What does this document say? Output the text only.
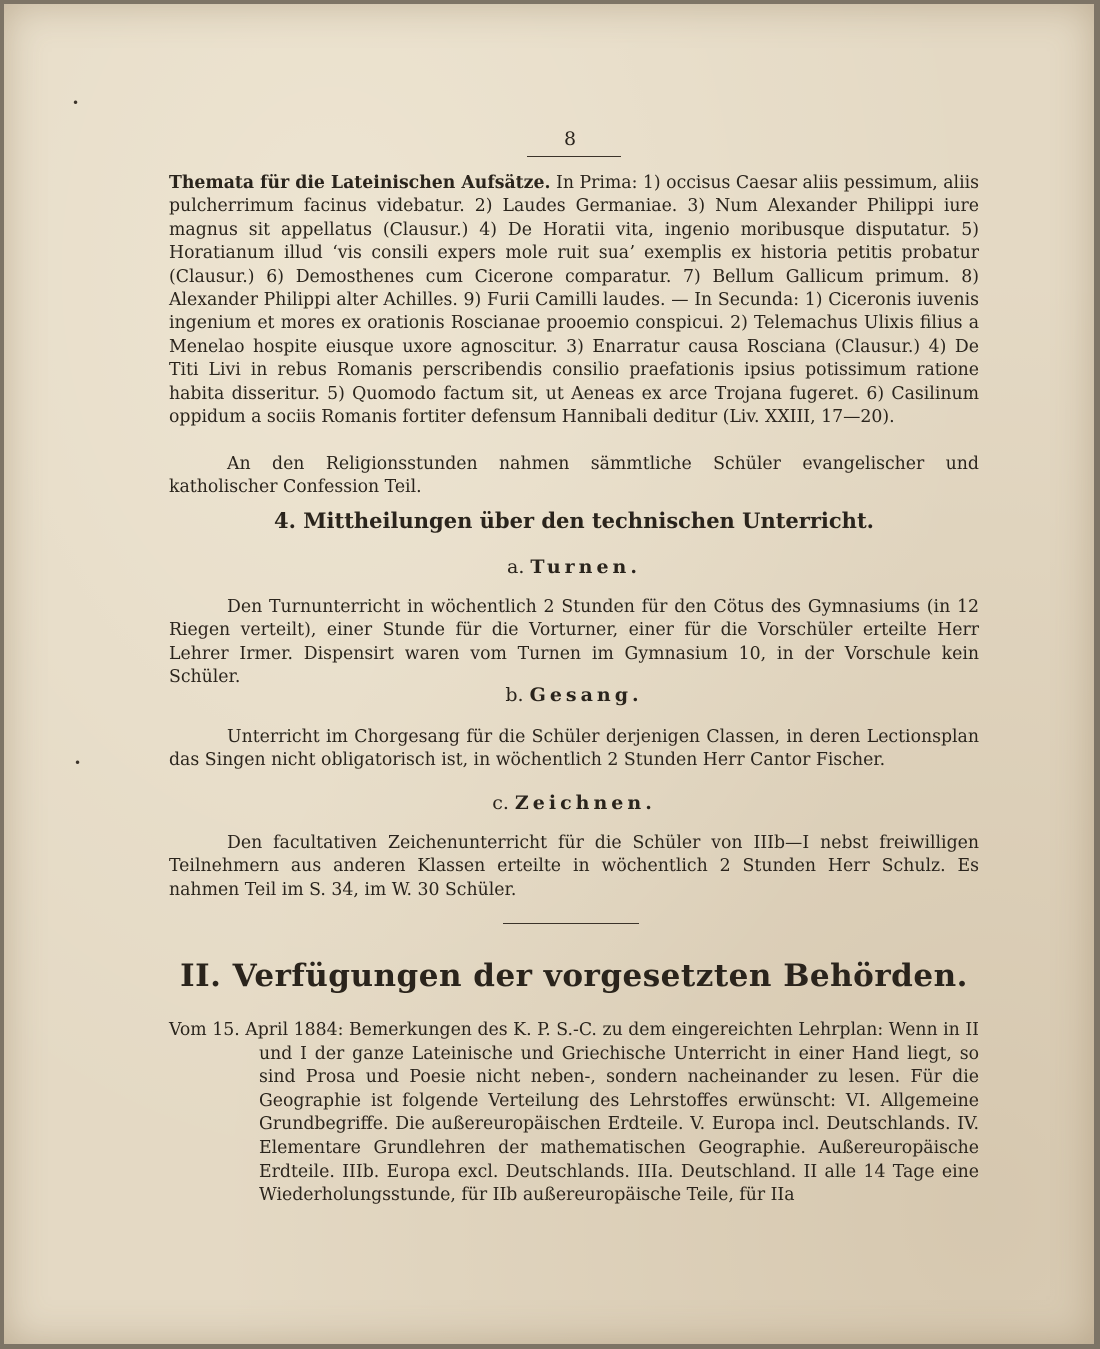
•
•
8

Themata für die Lateinischen Aufsätze. In Prima: 1) occisus Caesar aliis pessimum, aliis pulcherrimum facinus videbatur. 2) Laudes Germaniae. 3) Num Alexander Philippi iure magnus sit appellatus (Clausur.) 4) De Horatii vita, ingenio moribusque disputatur. 5) Horatianum illud ʻvis consili expers mole ruit suaʼ exemplis ex historia petitis probatur (Clausur.) 6) Demosthenes cum Cicerone comparatur. 7) Bellum Gallicum primum. 8) Alexander Philippi alter Achilles. 9) Furii Camilli laudes. — In Secunda: 1) Ciceronis iuvenis ingenium et mores ex orationis Roscianae prooemio conspicui. 2) Telemachus Ulixis filius a Menelao hospite eiusque uxore agnoscitur. 3) Enarratur causa Rosciana (Clausur.) 4) De Titi Livi in rebus Romanis perscribendis consilio praefationis ipsius potissimum ratione habita disseritur. 5) Quomodo factum sit, ut Aeneas ex arce Trojana fugeret. 6) Casilinum oppidum a sociis Romanis fortiter defensum Hannibali deditur (Liv. XXIII, 17—20).

An den Religionsstunden nahmen sämmtliche Schüler evangelischer und katholischer Confession Teil.
4. Mittheilungen über den technischen Unterricht.
a. Turnen.
Den Turnunterricht in wöchentlich 2 Stunden für den Cötus des Gymnasiums (in 12 Riegen verteilt), einer Stunde für die Vorturner, einer für die Vorschüler erteilte Herr Lehrer Irmer. Dispensirt waren vom Turnen im Gymnasium 10, in der Vorschule kein Schüler.
b. Gesang.
Unterricht im Chorgesang für die Schüler derjenigen Classen, in deren Lectionsplan das Singen nicht obligatorisch ist, in wöchentlich 2 Stunden Herr Cantor Fischer.
c. Zeichnen.
Den facultativen Zeichenunterricht für die Schüler von IIIb—I nebst freiwilligen Teilnehmern aus anderen Klassen erteilte in wöchentlich 2 Stunden Herr Schulz. Es nahmen Teil im S. 34, im W. 30 Schüler.
II. Verfügungen der vorgesetzten Behörden.

Vom 15. April 1884: Bemerkungen des K. P. S.-C. zu dem eingereichten Lehrplan: Wenn in II und I der ganze Lateinische und Griechische Unterricht in einer Hand liegt, so sind Prosa und Poesie nicht neben-, sondern nacheinander zu lesen. Für die Geographie ist folgende Verteilung des Lehrstoffes erwünscht: VI. Allgemeine Grundbegriffe. Die außereuropäischen Erdteile. V. Europa incl. Deutschlands. IV. Elementare Grundlehren der mathematischen Geographie. Außereuropäische Erdteile. IIIb. Europa excl. Deutschlands. IIIa. Deutschland. II alle 14 Tage eine Wiederholungsstunde, für IIb außereuropäische Teile, für IIa
